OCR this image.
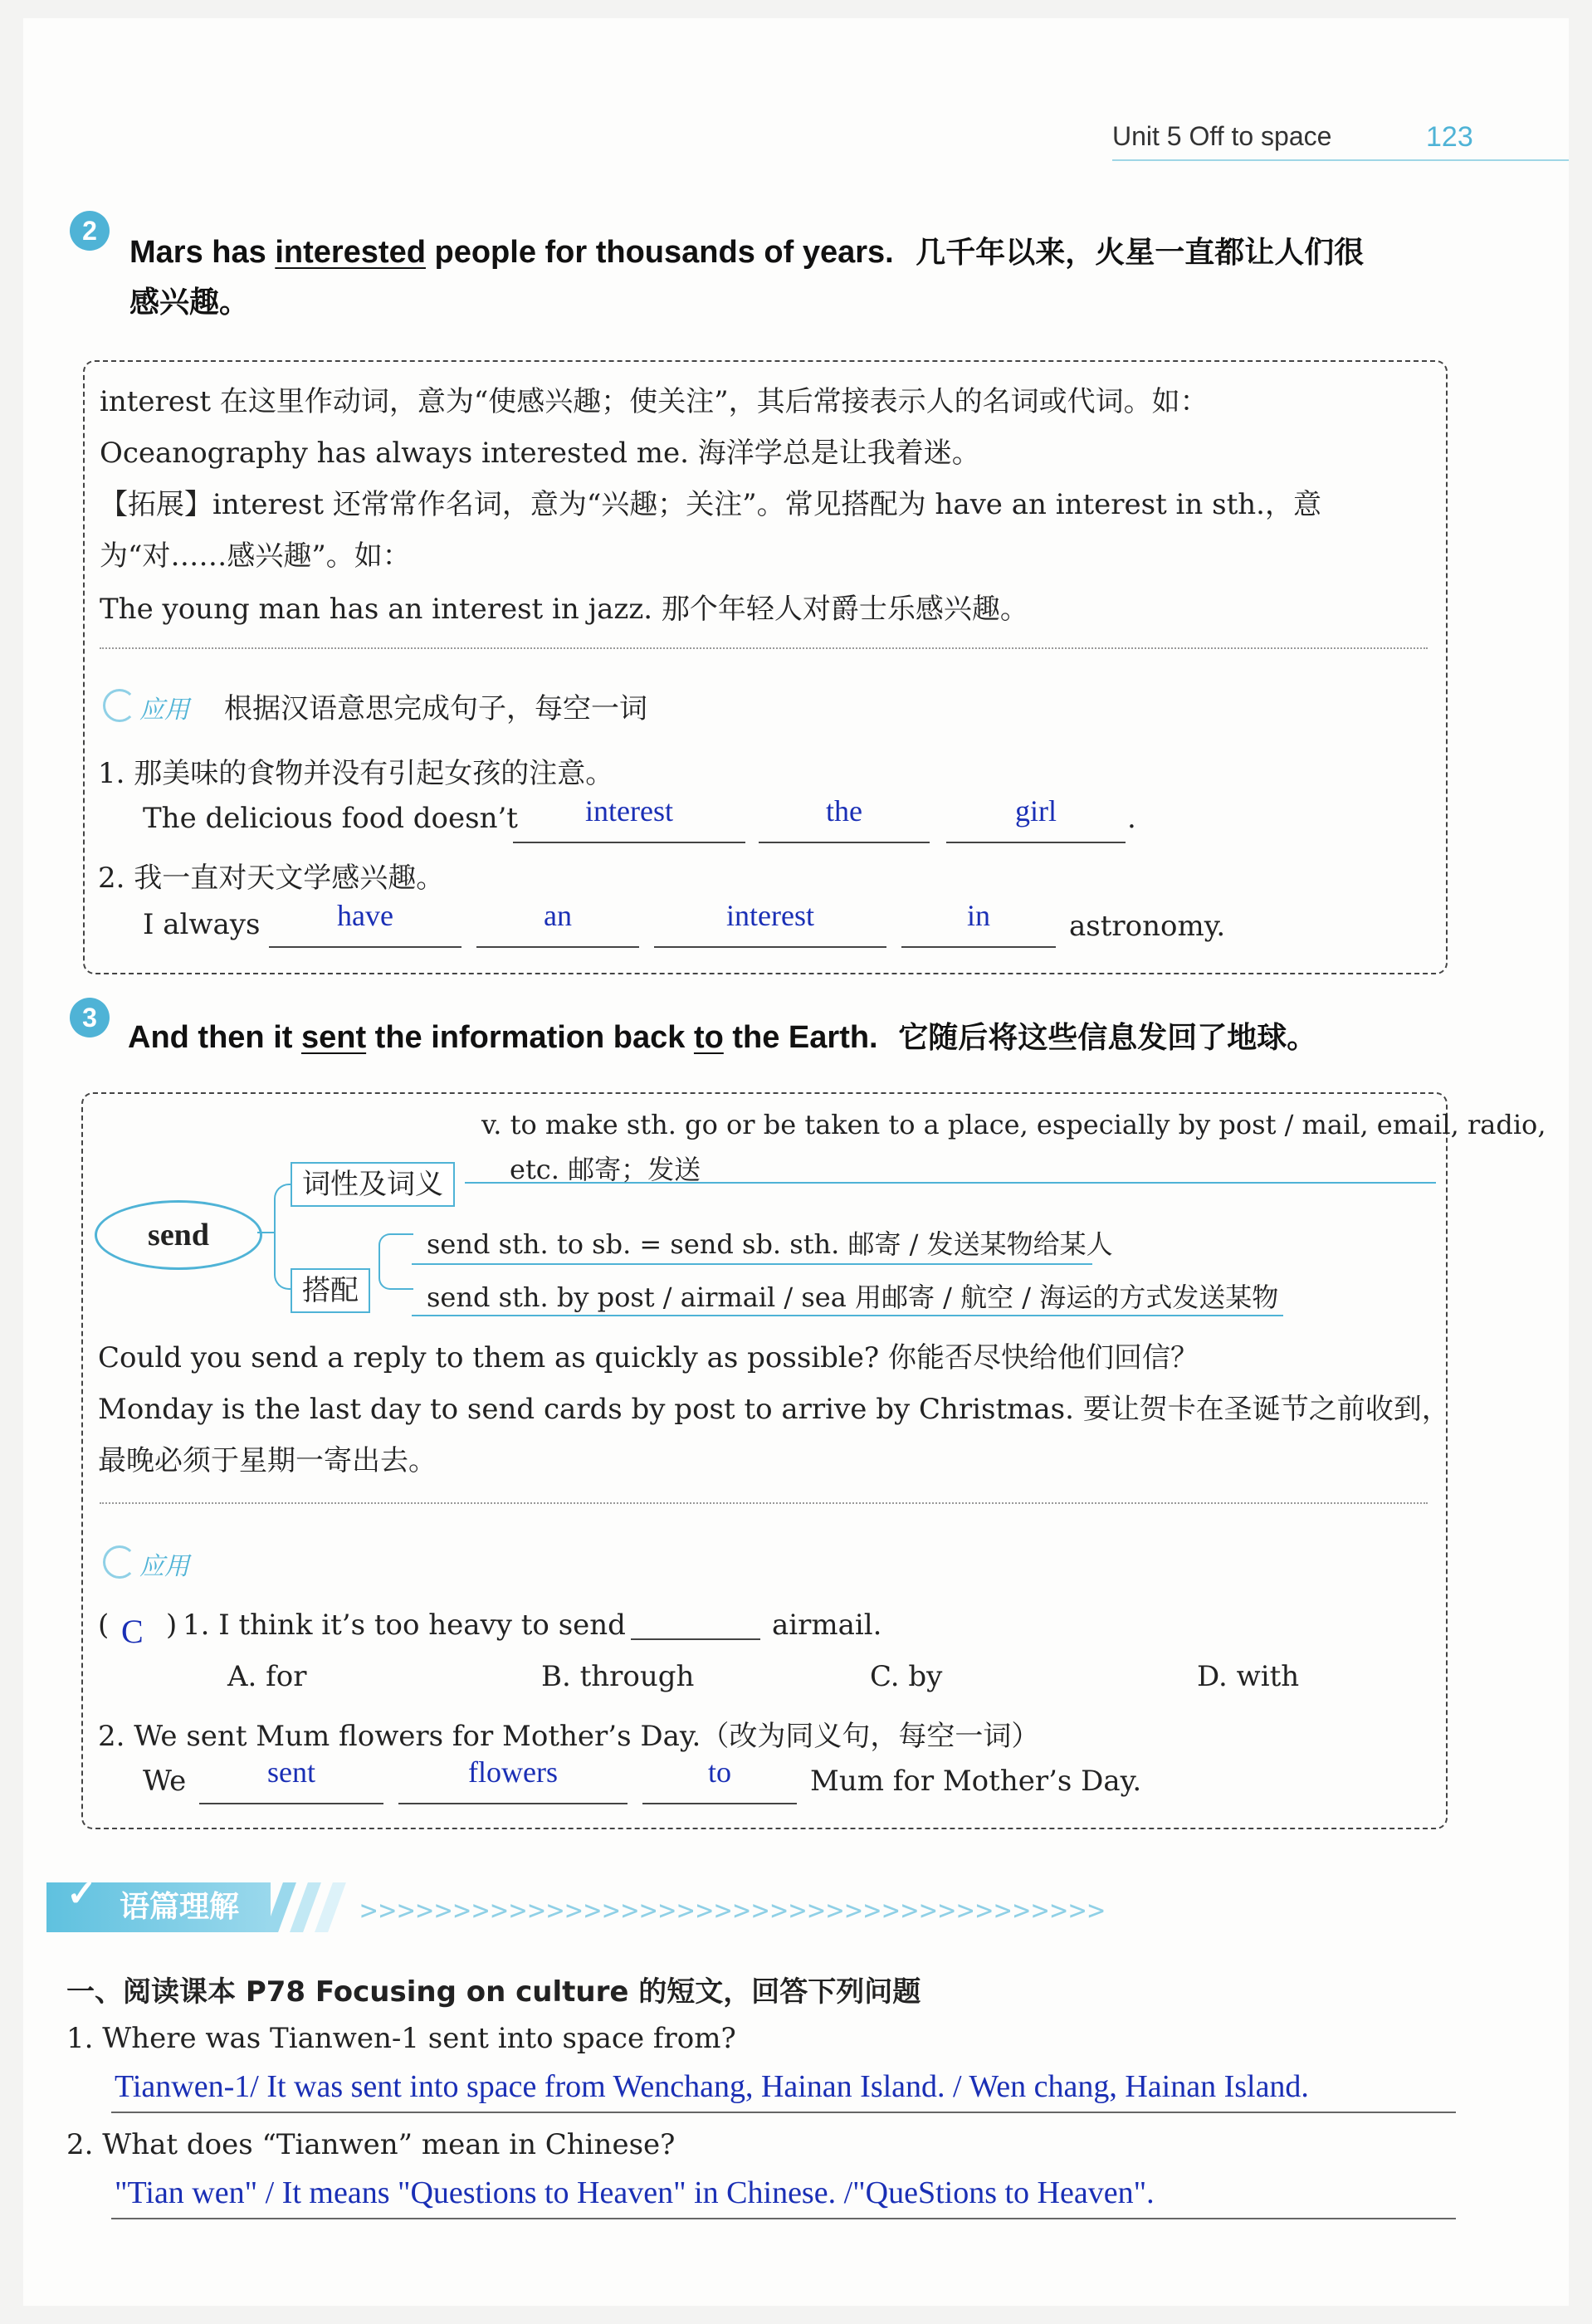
Unit 5 Off to space	123
2
Mars has interested people for thousands of years. 几千年以来，火星一直都让人们很
感兴趣。
interest 在这里作动词，意为“使感兴趣；使关注”，其后常接表示人的名词或代词。如：
Oceanography has always interested me. 海洋学总是让我着迷。
【拓展】interest 还常常作名词，意为“兴趣；关注”。常见搭配为 have an interest in sth.，意
为“对……感兴趣”。如：
The young man has an interest in jazz. 那个年轻人对爵士乐感兴趣。
应用 根据汉语意思完成句子，每空一词
1. 那美味的食物并没有引起女孩的注意。
The delicious food doesn’t	interest	the	girl	.
2. 我一直对天文学感兴趣。
I always	have	an	interest	in	astronomy.
3
And then it sent the information back to the Earth. 它随后将这些信息发回了地球。
send
词性及词义
搭配
v. to make sth. go or be taken to a place, especially by post / mail, email, radio,
etc. 邮寄；发送
send sth. to sb. = send sb. sth. 邮寄 / 发送某物给某人
send sth. by post / airmail / sea 用邮寄 / 航空 / 海运的方式发送某物
Could you send a reply to them as quickly as possible? 你能否尽快给他们回信？
Monday is the last day to send cards by post to arrive by Christmas. 要让贺卡在圣诞节之前收到，
最晚必须于星期一寄出去。
应用
( C ) 1. I think it’s too heavy to send	airmail.
A. for	B. through	C. by	D. with
2. We sent Mum flowers for Mother’s Day.（改为同义句，每空一词）
We	sent	flowers	to	Mum for Mother’s Day.
语篇理解
✓	>>>>>>>>>>>>>>>>>>>>>>>>>>>>>>>>>>>>>>>>
一、阅读课本 P78 Focusing on culture 的短文，回答下列问题
1. Where was Tianwen-1 sent into space from?
Tianwen-1/ It was sent into space from Wenchang, Hainan Island. / Wen chang, Hainan Island.
2. What does “Tianwen” mean in Chinese?
"Tian wen" / It means "Questions to Heaven" in Chinese. /"QueStions to Heaven".
